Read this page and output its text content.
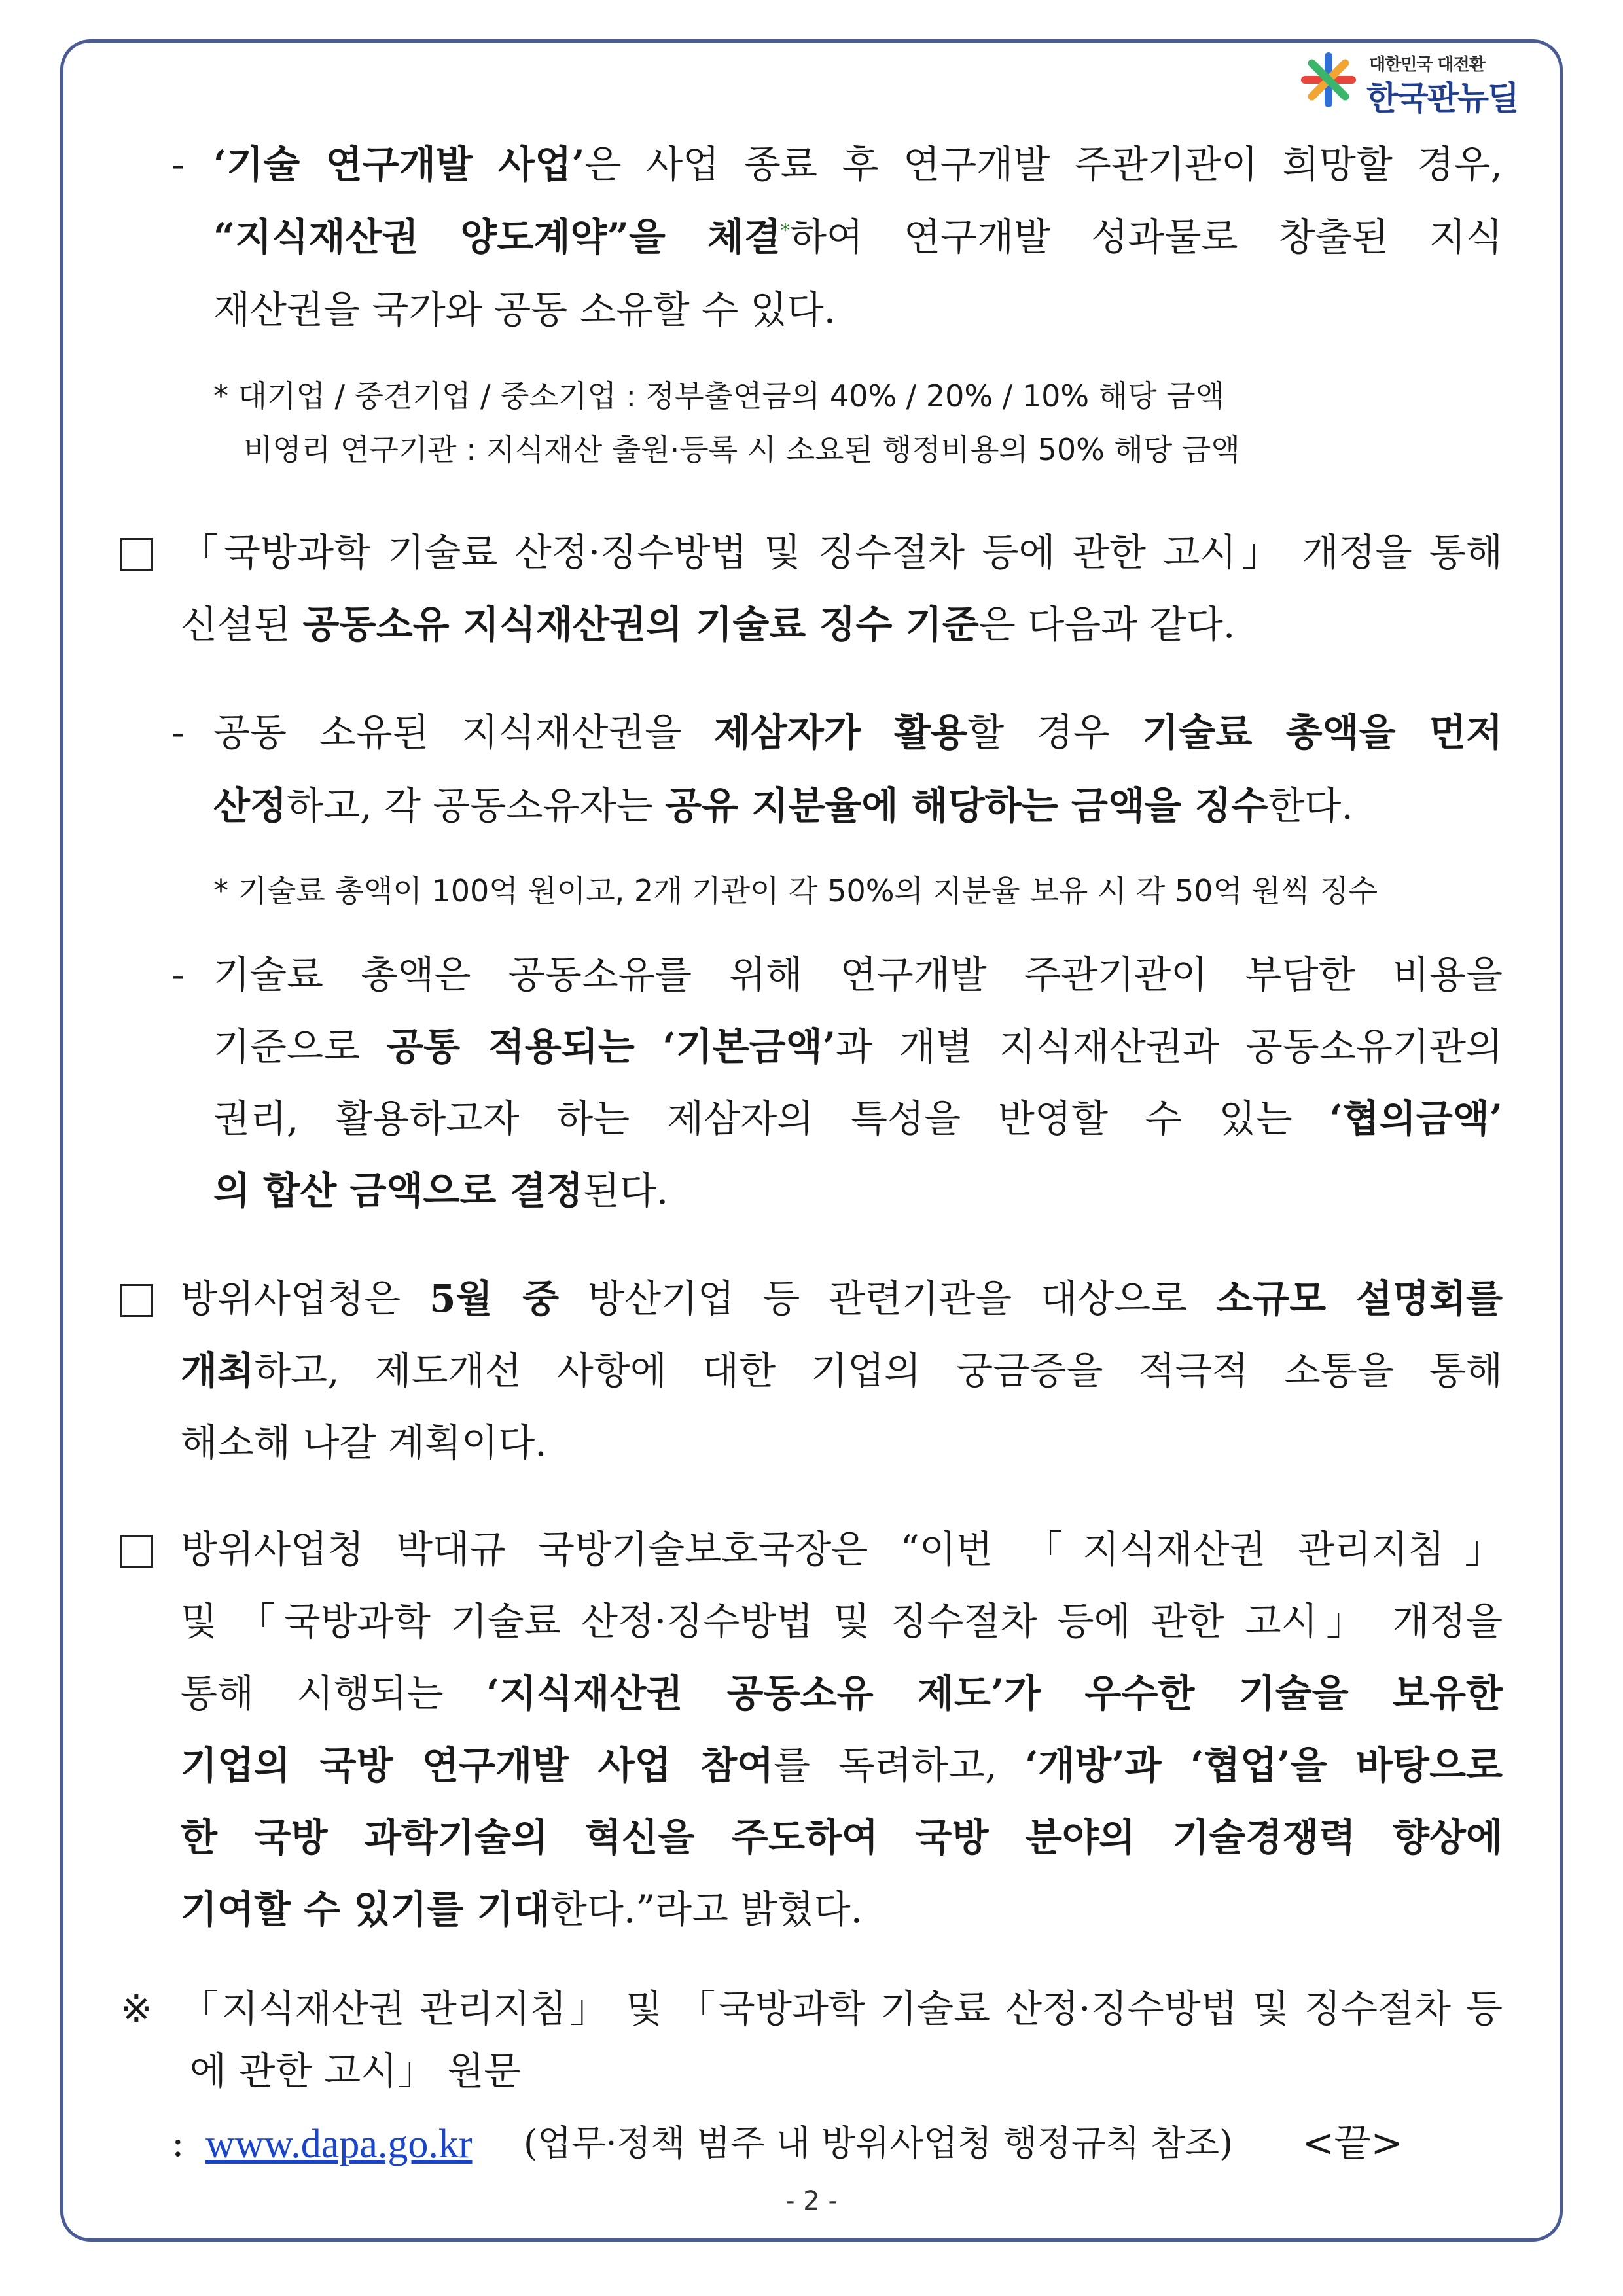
대한민국 대전환
한국판뉴딜
- ‘기술 연구개발 사업’은 사업 종료 후 연구개발 주관기관이 희망할 경우,
“지식재산권 양도계약”을 체결*하여 연구개발 성과물로 창출된 지식
재산권을 국가와 공동 소유할 수 있다.
* 대기업 / 중견기업 / 중소기업 : 정부출연금의 40% / 20% / 10% 해당 금액
비영리 연구기관 : 지식재산 출원·등록 시 소요된 행정비용의 50% 해당 금액
「국방과학 기술료 산정·징수방법 및 징수절차 등에 관한 고시」 개정을 통해
신설된 공동소유 지식재산권의 기술료 징수 기준은 다음과 같다.
- 공동 소유된 지식재산권을 제삼자가 활용할 경우 기술료 총액을 먼저
산정하고, 각 공동소유자는 공유 지분율에 해당하는 금액을 징수한다.
* 기술료 총액이 100억 원이고, 2개 기관이 각 50%의 지분율 보유 시 각 50억 원씩 징수
- 기술료 총액은 공동소유를 위해 연구개발 주관기관이 부담한 비용을
기준으로 공통 적용되는 ‘기본금액’과 개별 지식재산권과 공동소유기관의
권리, 활용하고자 하는 제삼자의 특성을 반영할 수 있는 ‘협의금액’
의 합산 금액으로 결정된다.
방위사업청은 5월 중 방산기업 등 관련기관을 대상으로 소규모 설명회를
개최하고, 제도개선 사항에 대한 기업의 궁금증을 적극적 소통을 통해
해소해 나갈 계획이다.
방위사업청 박대규 국방기술보호국장은 “이번 「지식재산권 관리지침」
및 「국방과학 기술료 산정·징수방법 및 징수절차 등에 관한 고시」 개정을
통해 시행되는 ‘지식재산권 공동소유 제도’가 우수한 기술을 보유한
기업의 국방 연구개발 사업 참여를 독려하고, ‘개방’과 ‘협업’을 바탕으로
한 국방 과학기술의 혁신을 주도하여 국방 분야의 기술경쟁력 향상에
기여할 수 있기를 기대한다.”라고 밝혔다.
※ 「지식재산권 관리지침」 및 「국방과학 기술료 산정·징수방법 및 징수절차 등
에 관한 고시」 원문
: www.dapa.go.kr (업무·정책 범주 내 방위사업청 행정규칙 참조) <끝>
- 2 -
